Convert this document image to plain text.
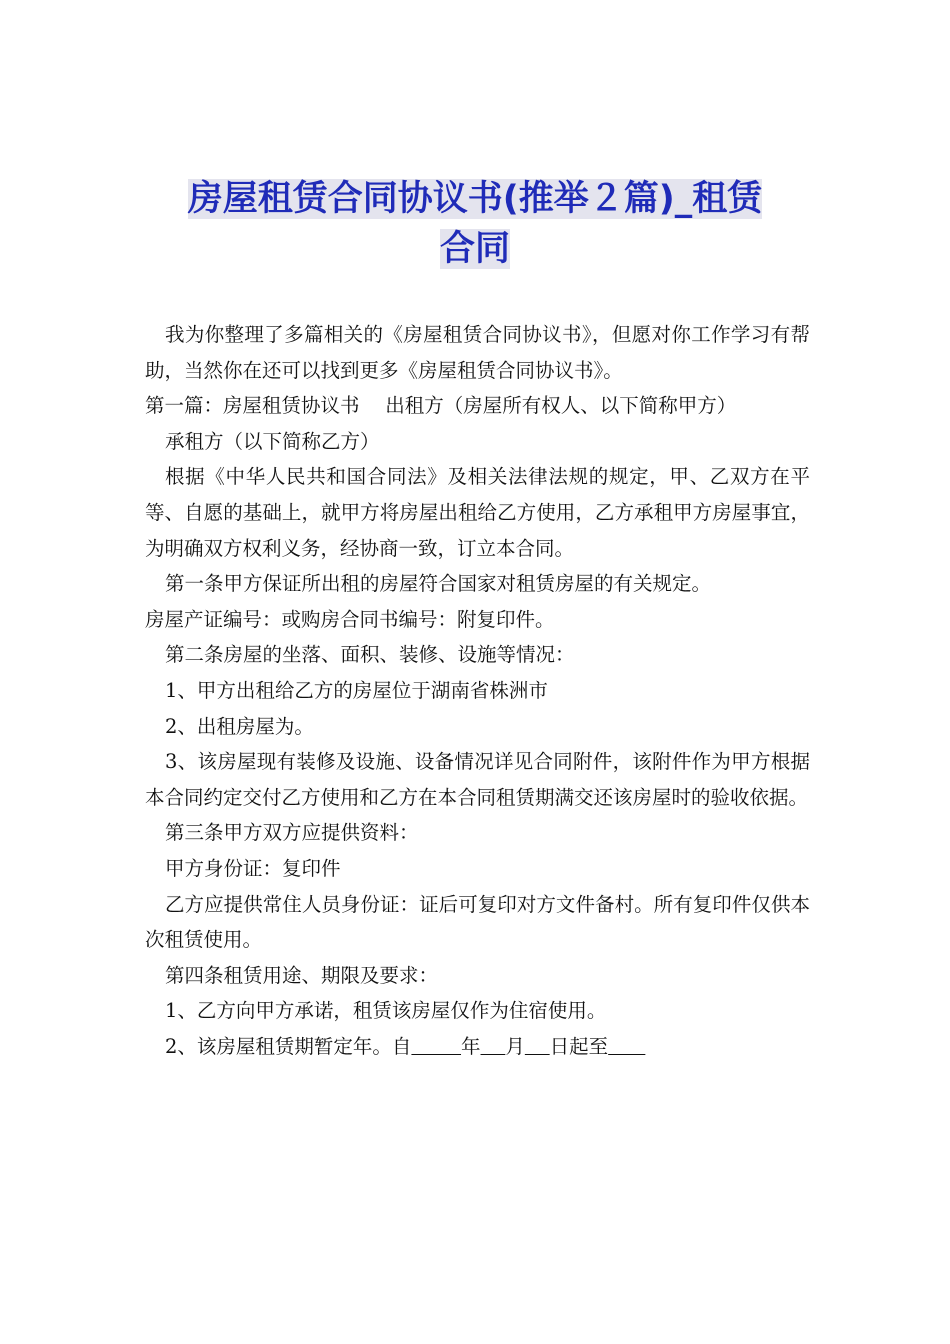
房屋租赁合同协议书(推举２篇)_租赁
合同

我为你整理了多篇相关的《房屋租赁合同协议书》，但愿对你工作学习有帮助，当然你在还可以找到更多《房屋租赁合同协议书》。

第一篇：房屋租赁协议书　 出租方（房屋所有权人、以下简称甲方）

承租方（以下简称乙方）

根据《中华人民共和国合同法》及相关法律法规的规定，甲、乙双方在平等、自愿的基础上，就甲方将房屋出租给乙方使用，乙方承租甲方房屋事宜，为明确双方权利义务，经协商一致，订立本合同。

第一条甲方保证所出租的房屋符合国家对租赁房屋的有关规定。

房屋产证编号：或购房合同书编号：附复印件。

第二条房屋的坐落、面积、装修、设施等情况：

1、甲方出租给乙方的房屋位于湖南省株洲市

2、出租房屋为。

3、该房屋现有装修及设施、设备情况详见合同附件，该附件作为甲方根据本合同约定交付乙方使用和乙方在本合同租赁期满交还该房屋时的验收依据。

第三条甲方双方应提供资料：

甲方身份证：复印件

乙方应提供常住人员身份证：证后可复印对方文件备村。所有复印件仅供本次租赁使用。

第四条租赁用途、期限及要求：

1、乙方向甲方承诺，租赁该房屋仅作为住宿使用。

2、该房屋租赁期暂定年。自	年 月 日起至
